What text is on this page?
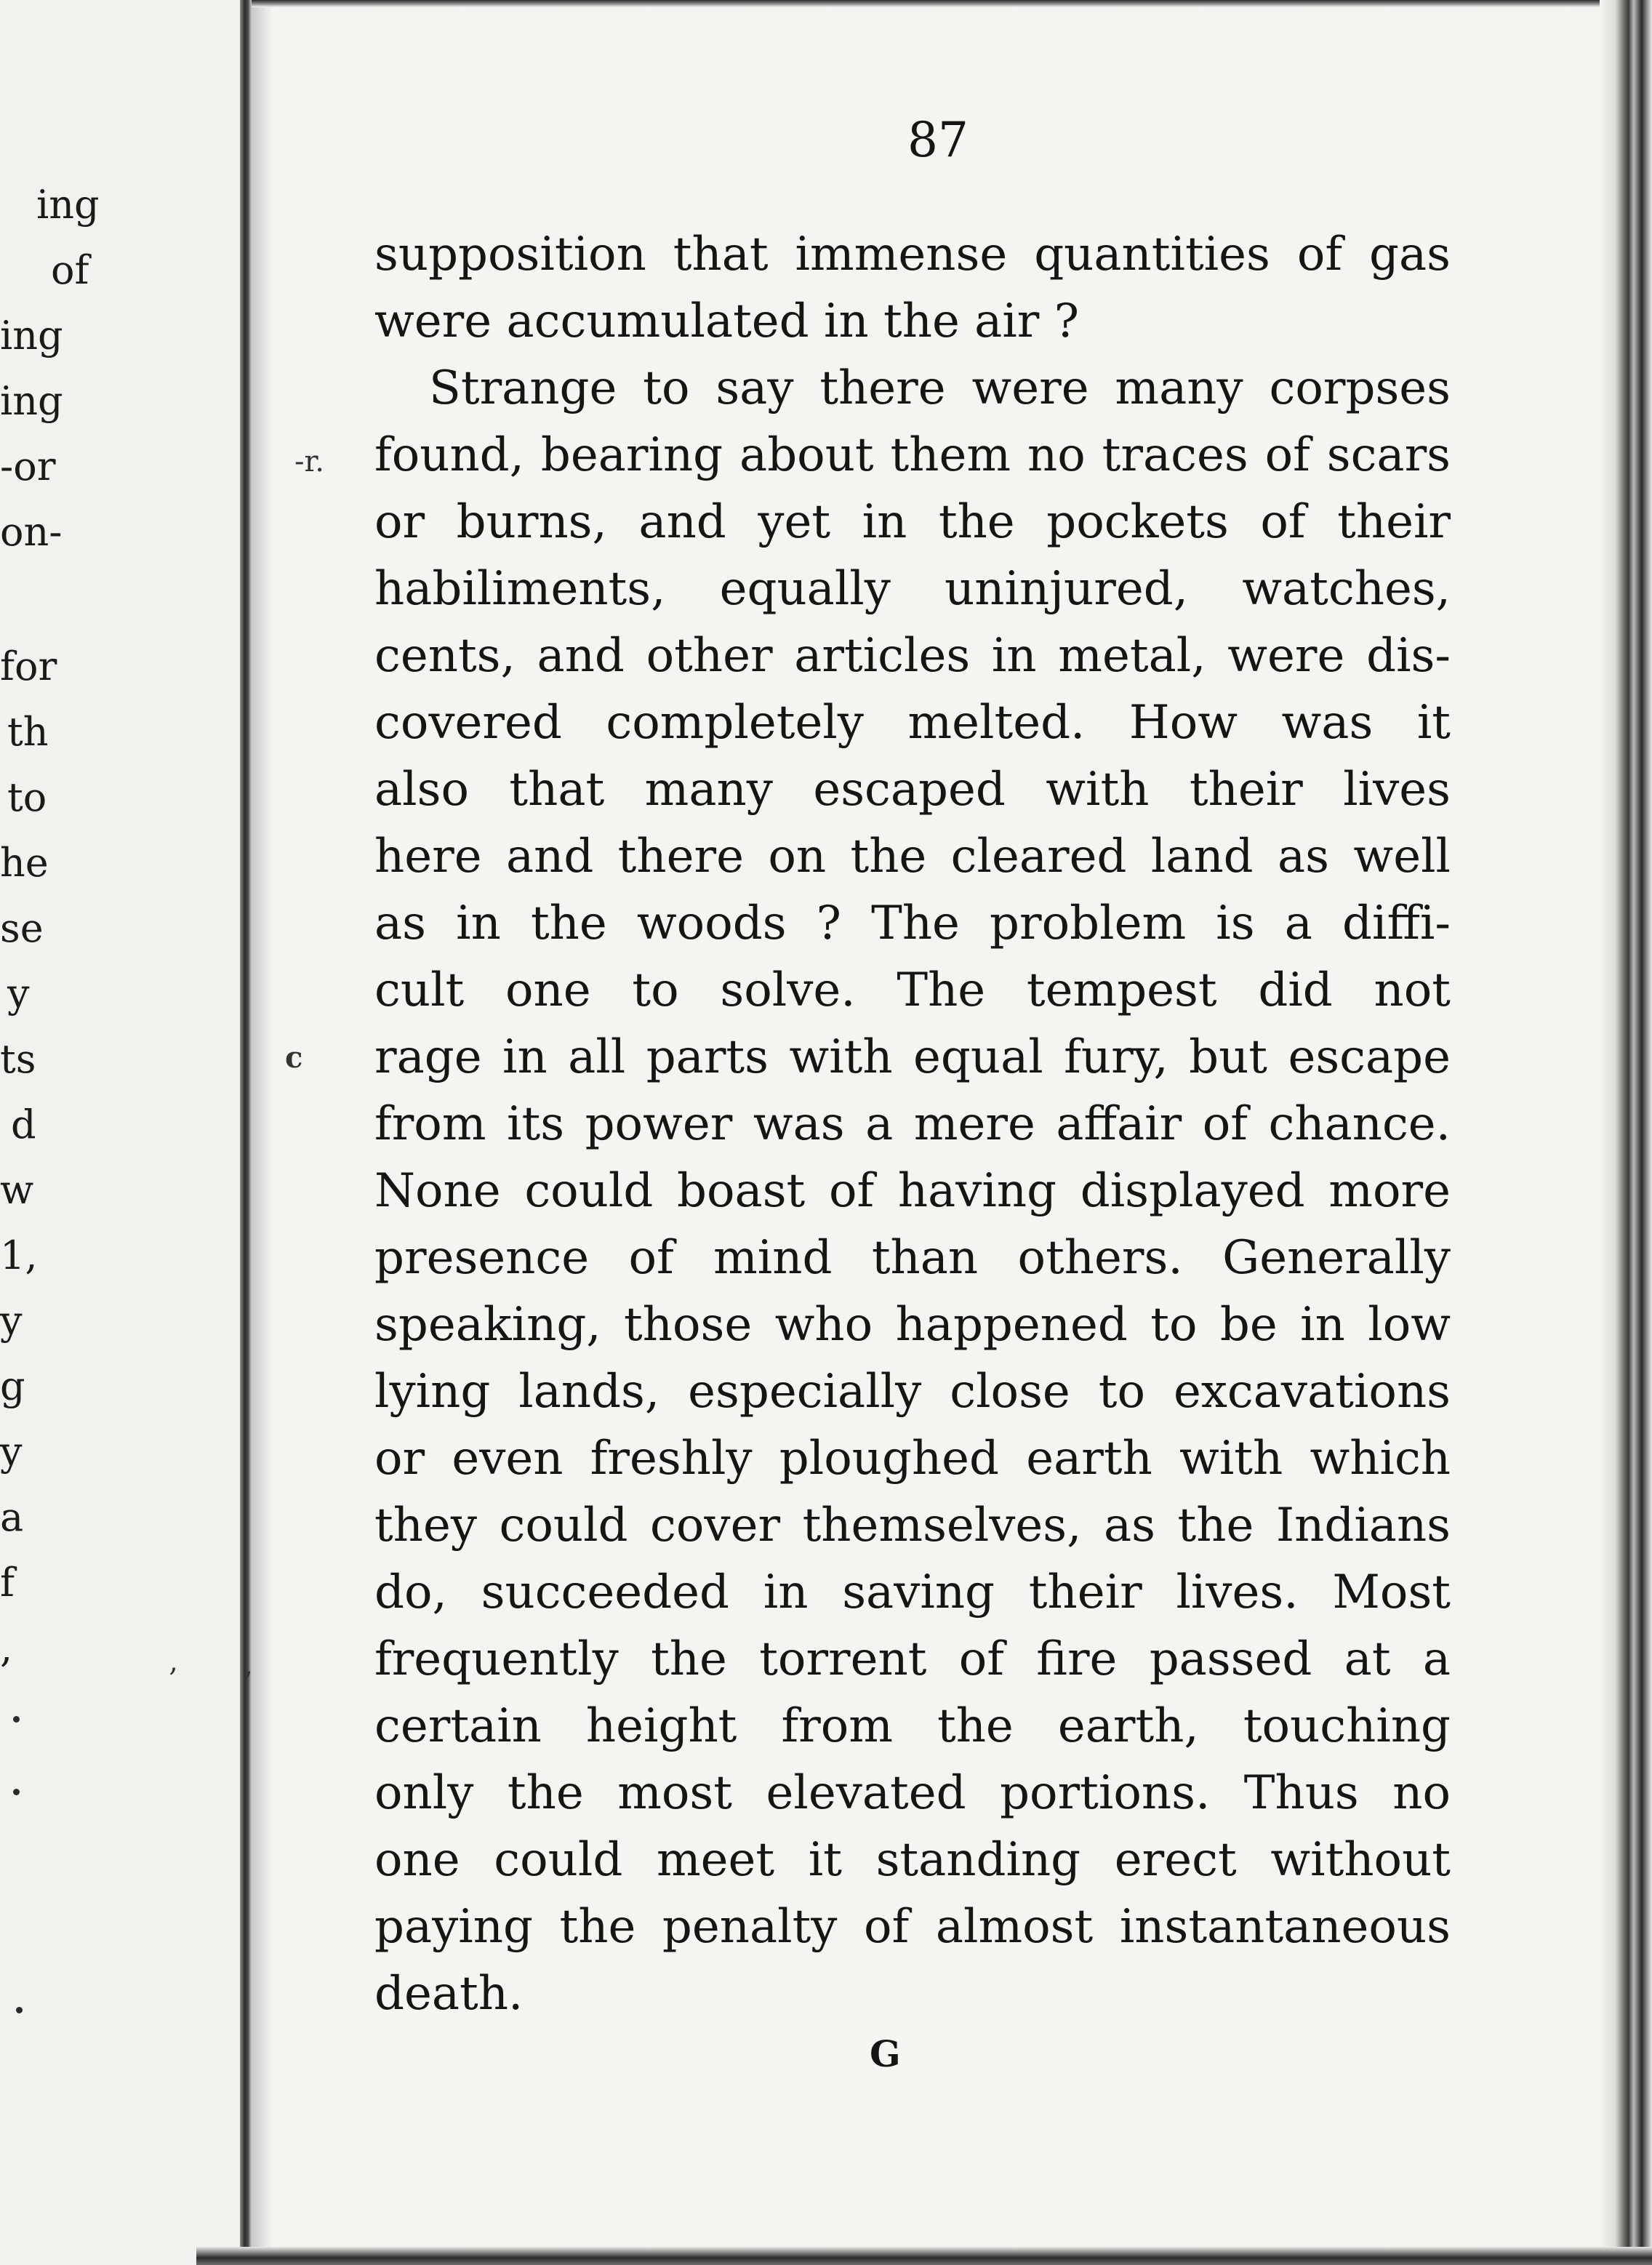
ing
of
ing
ing
-or
on-
for
th
to
he
se
y
ts
d
w
1,
y
g
y
a
f
,
87
-r.
c
‚ ‚
supposition that immense quantities of gas
were accumulated in the air ?
Strange to say there were many corpses
found, bearing about them no traces of scars
or burns, and yet in the pockets of their
habiliments, equally uninjured, watches,
cents, and other articles in metal, were dis-
covered completely melted. How was it
also that many escaped with their lives
here and there on the cleared land as well
as in the woods ? The problem is a diffi-
cult one to solve. The tempest did not
rage in all parts with equal fury, but escape
from its power was a mere affair of chance.
None could boast of having displayed more
presence of mind than others. Generally
speaking, those who happened to be in low
lying lands, especially close to excavations
or even freshly ploughed earth with which
they could cover themselves, as the Indians
do, succeeded in saving their lives. Most
frequently the torrent of fire passed at a
certain height from the earth, touching
only the most elevated portions. Thus no
one could meet it standing erect without
paying the penalty of almost instantaneous
death.
G
